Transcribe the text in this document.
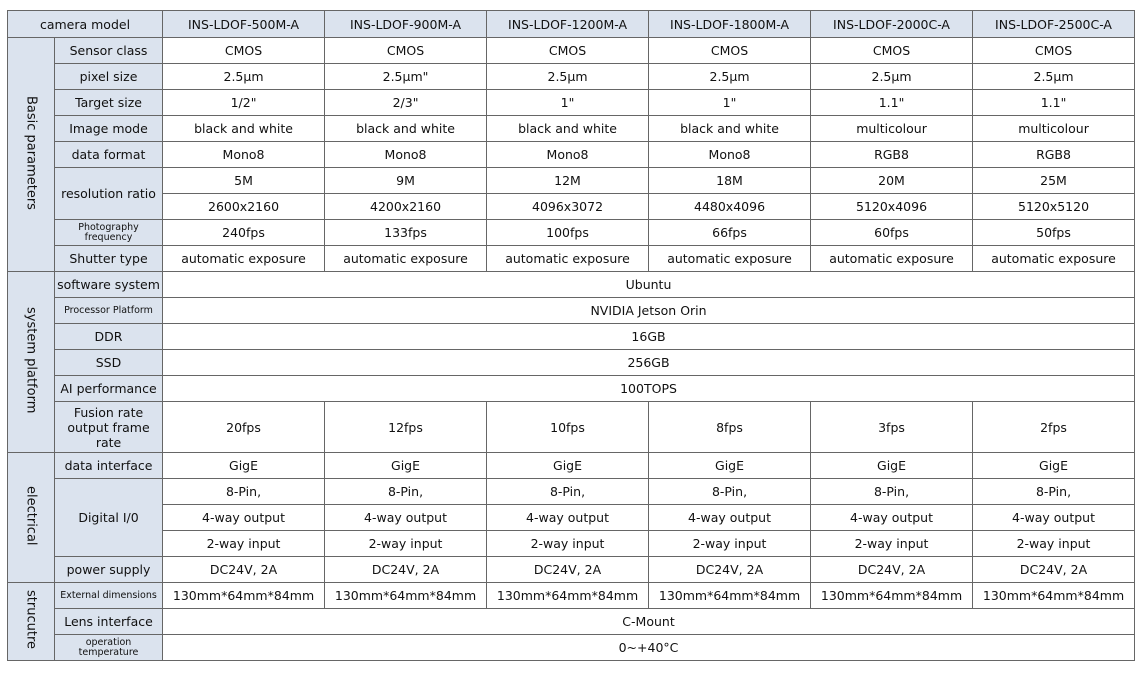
camera model		INS-LDOF-500M-A	INS-LDOF-900M-A	INS-LDOF-1200M-A	INS-LDOF-1800M-A	INS-LDOF-2000C-A	INS-LDOF-2500C-A
Basic parameters	Sensor class	CMOS	CMOS	CMOS	CMOS	CMOS	CMOS
	pixel size	2.5μm	2.5μm"	2.5μm	2.5μm	2.5μm	2.5μm
	Target size	1/2"	2/3"	1"	1"	1.1"	1.1"
	Image mode	black and white	black and white	black and white	black and white	multicolour	multicolour
	data format	Mono8	Mono8	Mono8	Mono8	RGB8	RGB8
	resolution ratio	5M	9M	12M	18M	20M	25M
		2600x2160	4200x2160	4096x3072	4480x4096	5120x4096	5120x5120
	Photography frequency	240fps	133fps	100fps	66fps	60fps	50fps
	Shutter type	automatic exposure	automatic exposure	automatic exposure	automatic exposure	automatic exposure	automatic exposure
system platform	software system	Ubuntu					
	Processor Platform	NVIDIA Jetson Orin					
	DDR	16GB					
	SSD	256GB					
	AI performance	100TOPS					
	Fusion rate output frame rate	20fps	12fps	10fps	8fps	3fps	2fps
electrical	data interface	GigE	GigE	GigE	GigE	GigE	GigE
	Digital I/0	8-Pin,	8-Pin,	8-Pin,	8-Pin,	8-Pin,	8-Pin,
		4-way output	4-way output	4-way output	4-way output	4-way output	4-way output
		2-way input	2-way input	2-way input	2-way input	2-way input	2-way input
	power supply	DC24V, 2A	DC24V, 2A	DC24V, 2A	DC24V, 2A	DC24V, 2A	DC24V, 2A
strucutre	External dimensions	130mm*64mm*84mm	130mm*64mm*84mm	130mm*64mm*84mm	130mm*64mm*84mm	130mm*64mm*84mm	130mm*64mm*84mm
	Lens interface	C-Mount					
	operation temperature	0~+40°C					
